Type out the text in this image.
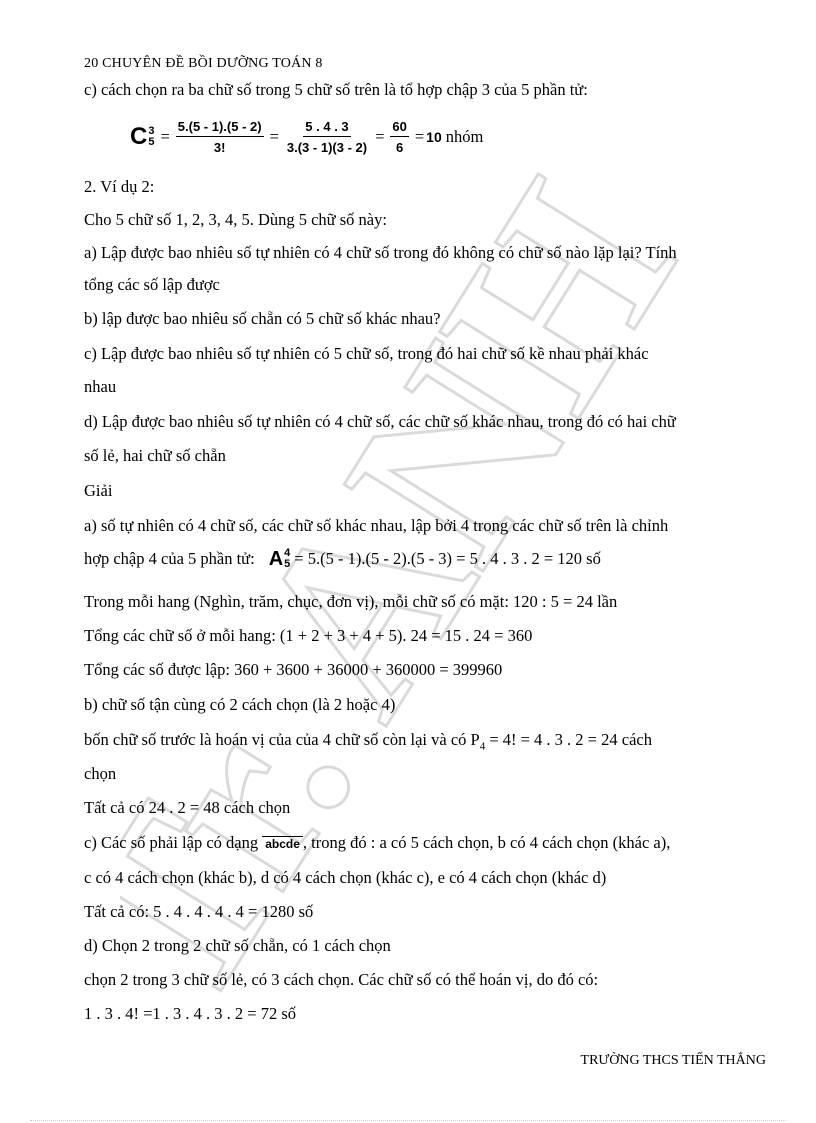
Tr. ANH
20 CHUYÊN ĐỀ BỒI DƯỠNG TOÁN 8
c) cách chọn ra ba chữ số trong 5 chữ số trên là tổ hợp chập 3 của 5 phần tử:
C 3
$5 = \frac{5.(5 - 1).(5 - 2)}{3!} = \frac{5 . 4 . 3}{3.(3 - 1)(3 - 2)} = \frac{60}{6} = 10$ nhóm
2. Ví dụ 2:
Cho 5 chữ số 1, 2, 3, 4, 5. Dùng 5 chữ số này:
a) Lập được bao nhiêu số tự nhiên có 4 chữ số trong đó không có chữ số nào lặp lại? Tính
tổng các số lập được
b) lập được bao nhiêu số chẵn có 5 chữ số khác nhau?
c) Lập được bao nhiêu số tự nhiên có 5 chữ số, trong đó hai chữ số kề nhau phải khác
nhau
d) Lập được bao nhiêu số tự nhiên có 4 chữ số, các chữ số khác nhau, trong đó có hai chữ
số lẻ, hai chữ số chẵn
Giải
a) số tự nhiên có 4 chữ số, các chữ số khác nhau, lập bởi 4 trong các chữ số trên là chỉnh
hợp chập 4 của 5 phần tử: A 4
5 = 5.(5 - 1).(5 - 2).(5 - 3) = 5 . 4 . 3 . 2 = 120 số
Trong mỗi hang (Nghìn, trăm, chục, đơn vị), mỗi chữ số có mặt: 120 : 5 = 24 lần
Tổng các chữ số ở mỗi hang: (1 + 2 + 3 + 4 + 5). 24 = 15 . 24 = 360
Tổng các số được lập: 360 + 3600 + 36000 + 360000 = 399960
b) chữ số tận cùng có 2 cách chọn (là 2 hoặc 4)
bốn chữ số trước là hoán vị của của 4 chữ số còn lại và có $P_4 = 4$! = 4 . 3 . 2 = 24 cách
chọn
Tất cả có 24 . 2 = 48 cách chọn
c) Các số phải lập có dạng abcde , trong đó : a có 5 cách chọn, b có 4 cách chọn (khác a),
c có 4 cách chọn (khác b), d có 4 cách chọn (khác c), e có 4 cách chọn (khác d)
Tất cả có: 5 . 4 . 4 . 4 . 4 = 1280 số
d) Chọn 2 trong 2 chữ số chẵn, có 1 cách chọn
chọn 2 trong 3 chữ số lẻ, có 3 cách chọn. Các chữ số có thể hoán vị, do đó có:
1 . 3 . 4! =1 . 3 . 4 . 3 . 2 = 72 số
TRƯỜNG THCS TIẾN THẮNG
